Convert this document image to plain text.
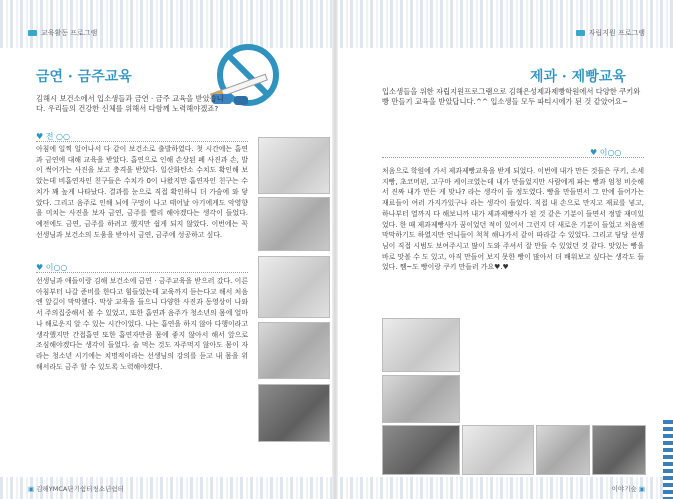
교육활동 프로그램	자립지원 프로그램
금연 · 금주교육
김해시 보건소에서 입소생들과 금연 · 금주 교육을 받았습니다. 우리들의 건강한 신체를 위해서 다함께 노력해야겠죠?
♥ 전 ○○
아침에 일찍 일어나서 다 같이 보건소로 출발하였다. 첫 시간에는 흡연과 금연에 대해 교육을 받았다. 흡연으로 인해 손상된 폐 사진과 손, 발이 썩어가는 사진을 보고 충격을 받았다. 일산화탄소 수치도 확인해 보았는데 비흡연자인 친구들은 수치가 0이 나왔지만 흡연자인 친구는 수치가 꽤 높게 나타났다. 결과를 눈으로 직접 확인하니 더 가슴에 와 닿았다. 그리고 음주로 인해 뇌에 구멍이 나고 태어날 아기에게도 악영향을 미치는 사진을 보자 금연, 금주를 빨리 해야겠다는 생각이 들었다. 예전에도 금연, 금주를 하려고 했지만 쉽게 되지 않았다. 이번에는 꼭 선생님과 보건소의 도움을 받아서 금연, 금주에 성공하고 싶다.
♥ 이○○
선생님과 애들이랑 김해 보건소에 금연 · 금주교육을 받으러 갔다. 이른 아침부터 나갈 준비를 한다고 힘들었는데 교육까지 듣는다고 해서 처음엔 앞길이 막막했다. 막상 교육을 들으니 다양한 사진과 동영상이 나와서 주의집중해서 볼 수 있었고, 또한 흡연과 음주가 청소년의 몸에 얼마나 해로운지 알 수 있는 시간이었다. 나는 흡연을 하지 않아 다행이라고 생각했지만 간접흡연 또한 흡연자만큼 몸에 좋지 않아서 해서 앞으로 조심해야겠다는 생각이 들었다. 술 먹는 것도 자주먹지 않아도 몸이 자라는 청소년 시기에는 치명적이라는 선생님의 강의를 듣고 내 몸을 위해서라도 금주 할 수 있도록 노력해야겠다.
▣ 김해YMCA단기쉼터청소년쉼터
제과 · 제빵교육
입소생들을 위한 자립지원프로그램으로 김해은성제과제빵학원에서 다양한 쿠키와 빵 만들기 교육을 받았답니다.^^ 입소생들 모두 파티시에가 된 것 같았어요~
♥ 이○○
처음으로 학원에 가서 제과제빵교육을 받게 되었다. 이번에 내가 만든 것들은 쿠키, 소세지빵, 초코머핀, 고구마 케이크였는데 내가 만들었지만 사람에게 파는 빵과 엄청 비슷해서 진짜 내가 만든 게 맞나? 라는 생각이 들 정도였다. 빵을 만들면서 그 안에 들어가는 재료들이 여러 가지가있구나 라는 생각이 들었다. 직접 내 손으로 만지고 재료를 넣고, 하나부터 열까지 다 해보니까 내가 제과제빵사가 된 것 같은 기분이 들면서 정말 재미있었다. 한 때 제과제빵사가 꿈이었던 적이 있어서 그런지 더 새로운 기분이 들었고 처음엔 막막하기도 하였지만 언니들이 척척 해나가서 같이 따라갈 수 있었다. 그리고 담당 선생님이 직접 시범도 보여주시고 많이 도와 주셔서 잘 만들 수 있었던 것 같다. 맛있는 빵을 바로 맛볼 수 도 있고, 아직 만들어 보지 못한 빵이 많아서 더 배워보고 싶다는 생각도 들었다. 쨈~도 빵이랑 쿠키 만들러 가요♥.♥
이야기숲 ▣
